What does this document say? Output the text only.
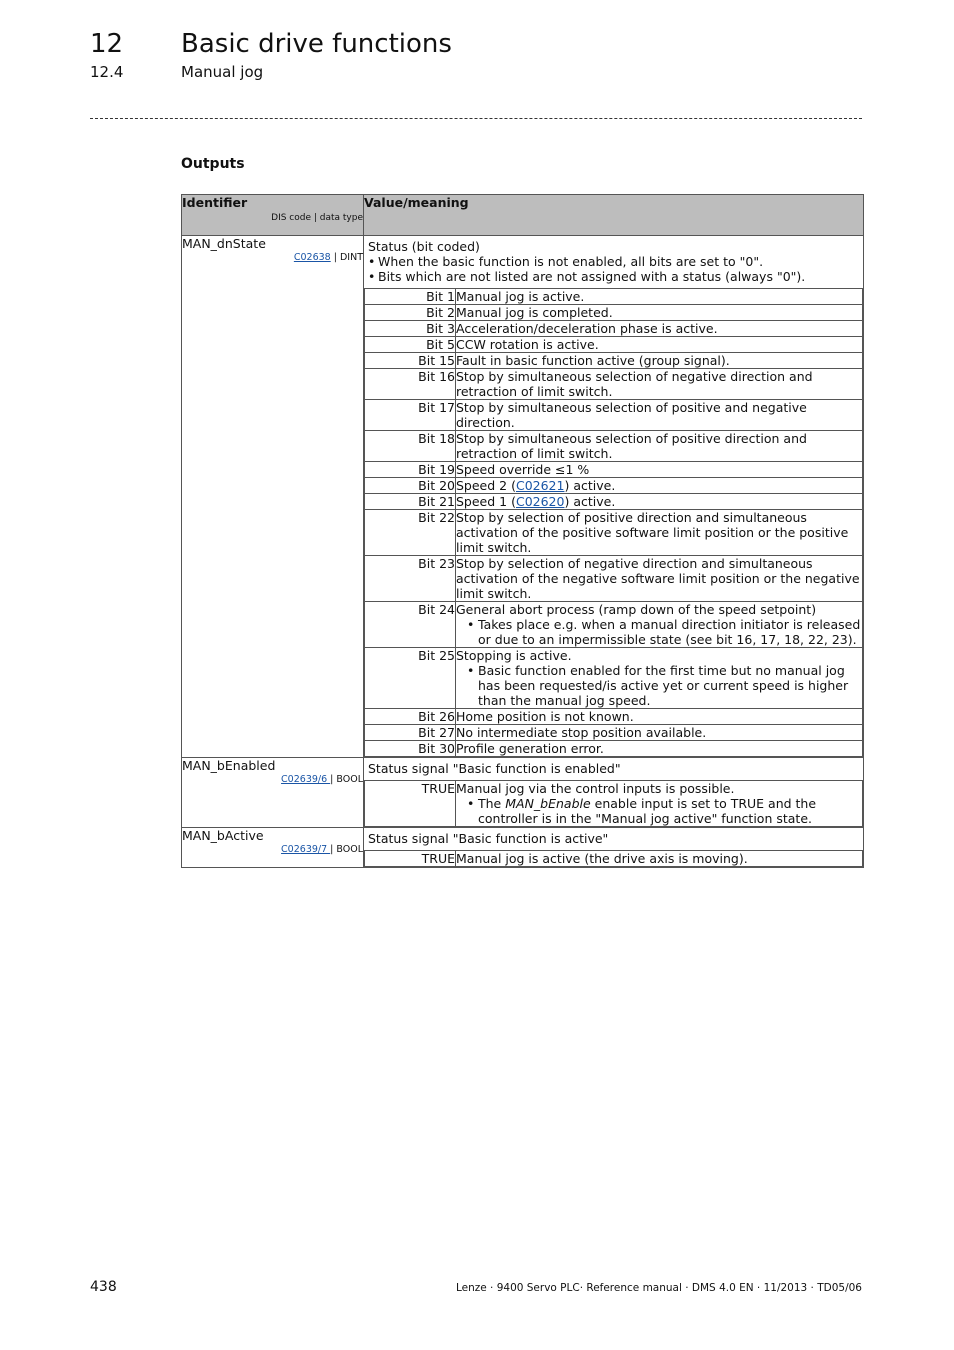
12 Basic drive functions
12.4	Manual jog
Outputs
Identifier
DIS code | data type
	Value/meaning

MAN_dnState
C02638 | DINT

Status (bit coded)
• When the basic function is not enabled, all bits are set to "0".
• Bits which are not listed are not assigned with a status (always "0").
Bit 1	Manual jog is active.
Bit 2	Manual jog is completed.
Bit 3	Acceleration/deceleration phase is active.
Bit 5	CCW rotation is active.
Bit 15	Fault in basic function active (group signal).
Bit 16	Stop by simultaneous selection of negative direction and retraction of limit switch.
Bit 17	Stop by simultaneous selection of positive and negative direction.
Bit 18	Stop by simultaneous selection of positive direction and retraction of limit switch.
Bit 19	Speed override ≤1 %
Bit 20	Speed 2 (C02621) active.
Bit 21	Speed 1 (C02620) active.
Bit 22	Stop by selection of positive direction and simultaneous activation of the positive software limit position or the positive limit switch.
Bit 23	Stop by selection of negative direction and simultaneous activation of the negative software limit position or the negative limit switch.
Bit 24	General abort process (ramp down of the speed setpoint)
• Takes place e.g. when a manual direction initiator is released or due to an impermissible state (see bit 16, 17, 18, 22, 23).

Bit 25	Stopping is active.
• Basic function enabled for the first time but no manual jog has been requested/is active yet or current speed is higher than the manual jog speed.

Bit 26	Home position is not known.
Bit 27	No intermediate stop position available.
Bit 30	Profile generation error.

MAN_bEnabled
C02639/6 | BOOL

Status signal "Basic function is enabled"
TRUE	Manual jog via the control inputs is possible.
• The MAN_bEnable enable input is set to TRUE and the controller is in the "Manual jog active" function state.

MAN_bActive
C02639/7 | BOOL

Status signal "Basic function is active"
TRUE	Manual jog is active (the drive axis is moving).
438	Lenze · 9400 Servo PLC· Reference manual · DMS 4.0 EN · 11/2013 · TD05/06
